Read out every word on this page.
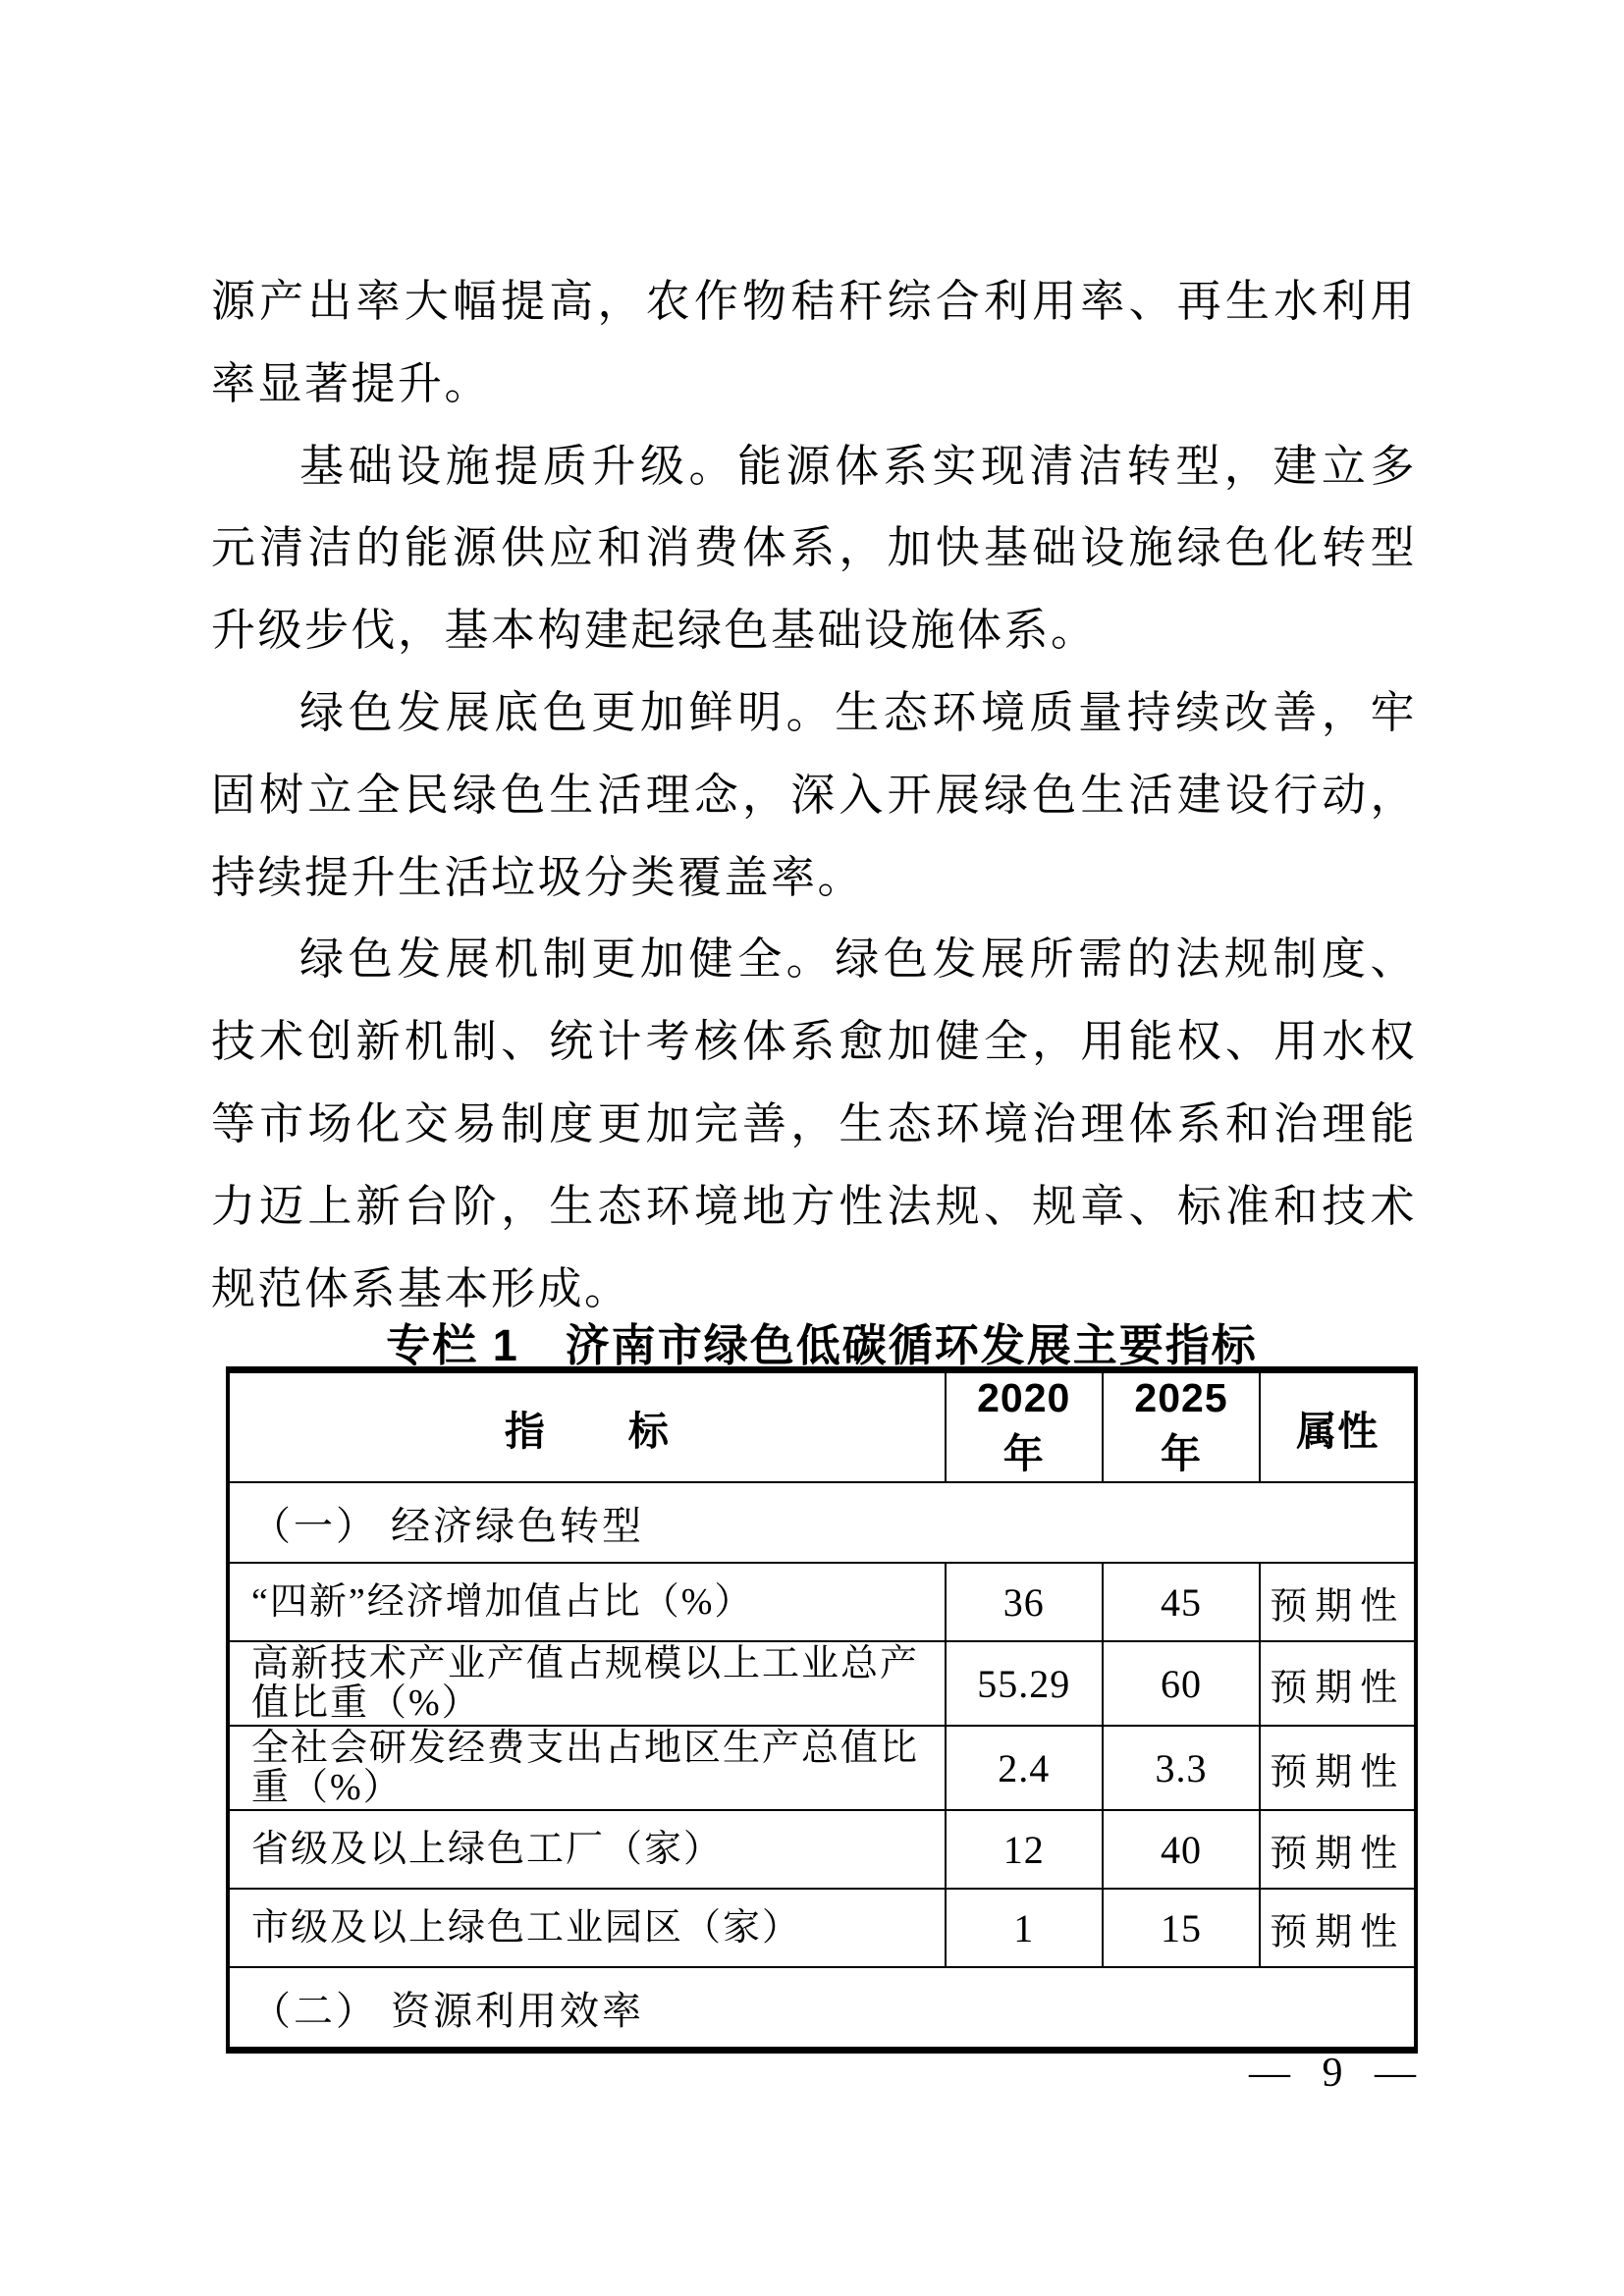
源产出率大幅提高，农作物秸秆综合利用率、再生水利用率显著提升。

基础设施提质升级。能源体系实现清洁转型，建立多元清洁的能源供应和消费体系，加快基础设施绿色化转型升级步伐，基本构建起绿色基础设施体系。

绿色发展底色更加鲜明。生态环境质量持续改善，牢固树立全民绿色生活理念，深入开展绿色生活建设行动，持续提升生活垃圾分类覆盖率。

绿色发展机制更加健全。绿色发展所需的法规制度、技术创新机制、统计考核体系愈加健全，用能权、用水权等市场化交易制度更加完善，生态环境治理体系和治理能力迈上新台阶，生态环境地方性法规、规章、标准和技术规范体系基本形成。

专栏 1　济南市绿色低碳循环发展主要指标
指　　标	2020 年	2025 年	属性
（一） 经济绿色转型			
“四新”经济增加值占比（%）	36	45	预期性
高新技术产业产值占规模以上工业总产值比重（%）	55.29	60	预期性
全社会研发经费支出占地区生产总值比重（%）	2.4	3.3	预期性
省级及以上绿色工厂（家）	12	40	预期性
市级及以上绿色工业园区（家）	1	15	预期性
（二） 资源利用效率			
— 9 —
